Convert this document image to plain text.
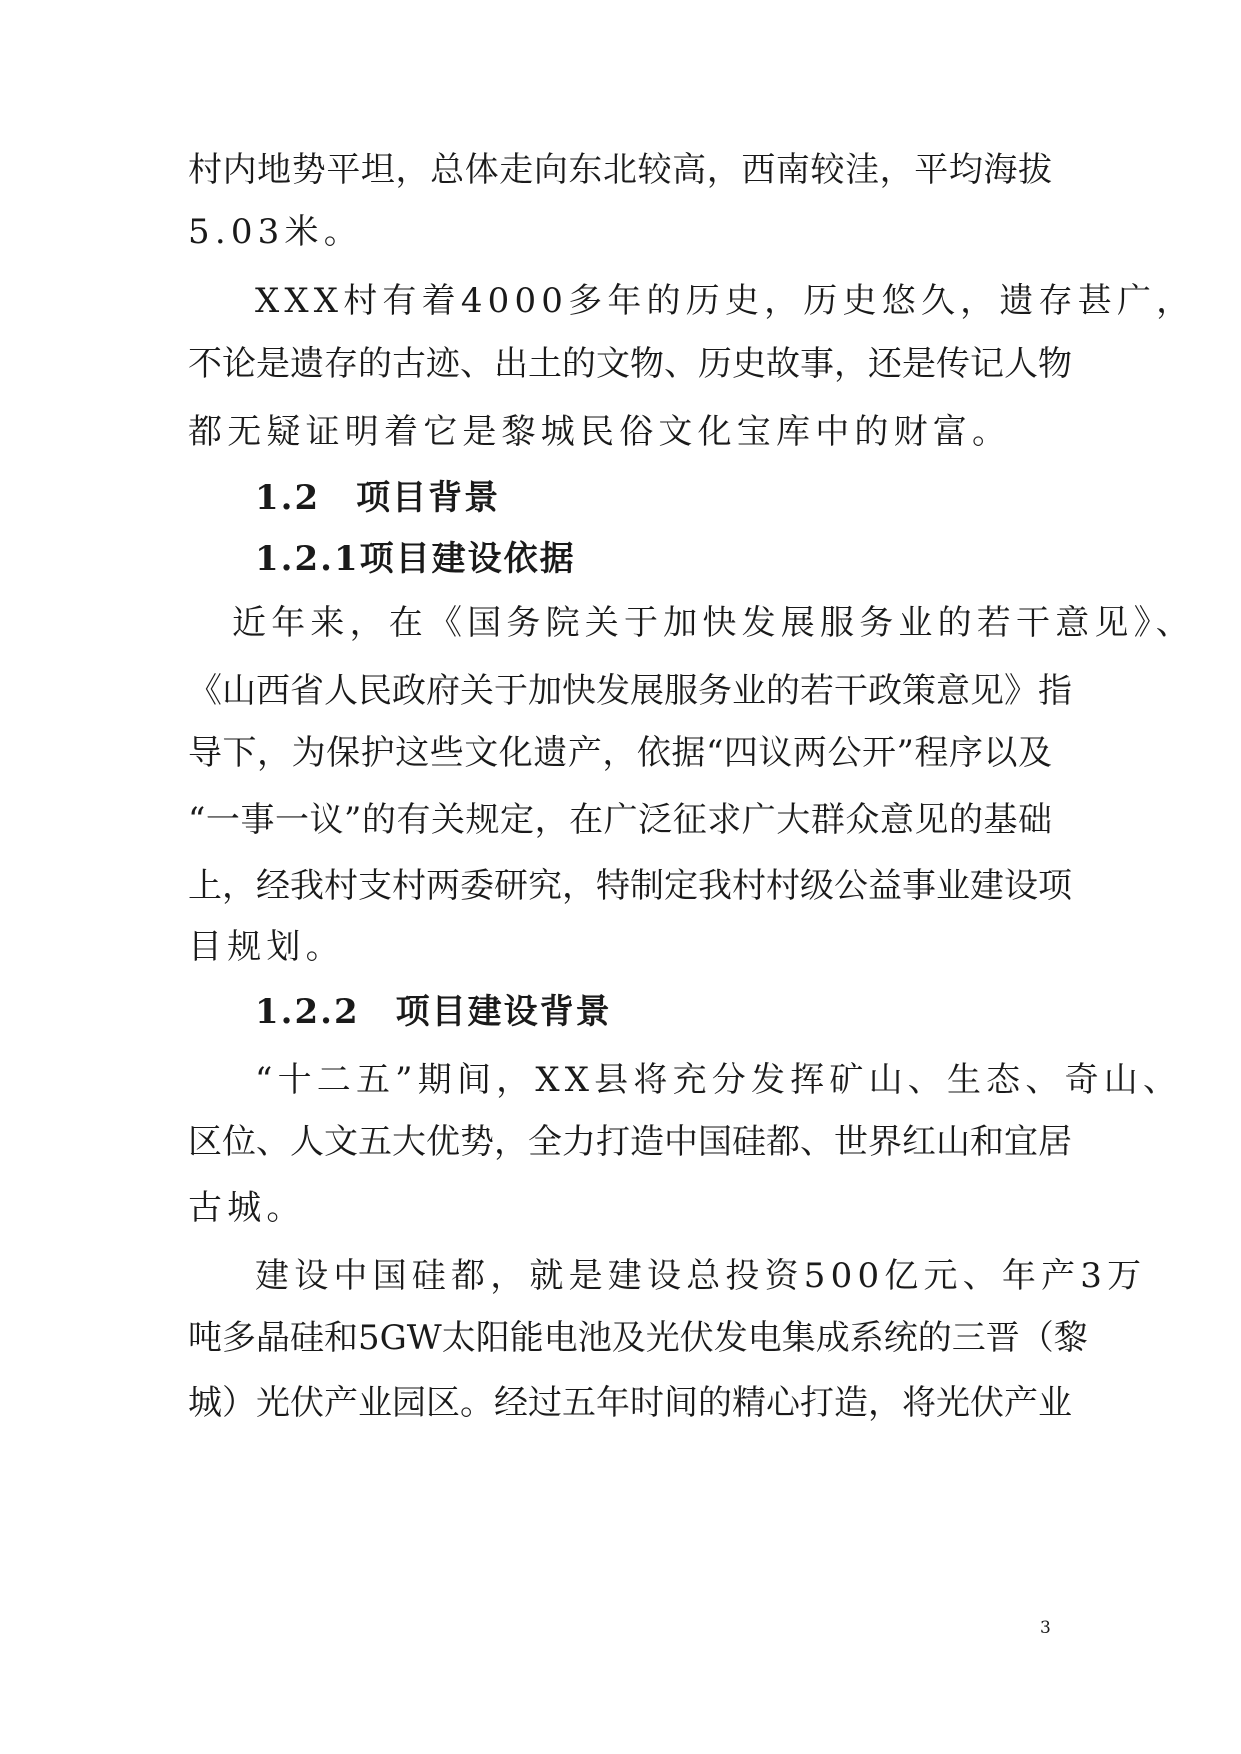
村内地势平坦，总体走向东北较高，西南较洼，平均海拔
5.03米。
XXX村有着4000多年的历史，历史悠久，遗存甚广，
不论是遗存的古迹、出土的文物、历史故事，还是传记人物
都无疑证明着它是黎城民俗文化宝库中的财富。
1.2　项目背景
1.2.1项目建设依据
近年来，在《国务院关于加快发展服务业的若干意见》、
《山西省人民政府关于加快发展服务业的若干政策意见》指
导下，为保护这些文化遗产，依据“四议两公开”程序以及
“一事一议”的有关规定，在广泛征求广大群众意见的基础
上，经我村支村两委研究，特制定我村村级公益事业建设项
目规划。
1.2.2　项目建设背景
“十二五”期间，XX县将充分发挥矿山、生态、奇山、
区位、人文五大优势，全力打造中国硅都、世界红山和宜居
古城。
建设中国硅都，就是建设总投资500亿元、年产3万
吨多晶硅和5GW太阳能电池及光伏发电集成系统的三晋（黎
城）光伏产业园区。经过五年时间的精心打造，将光伏产业
3
